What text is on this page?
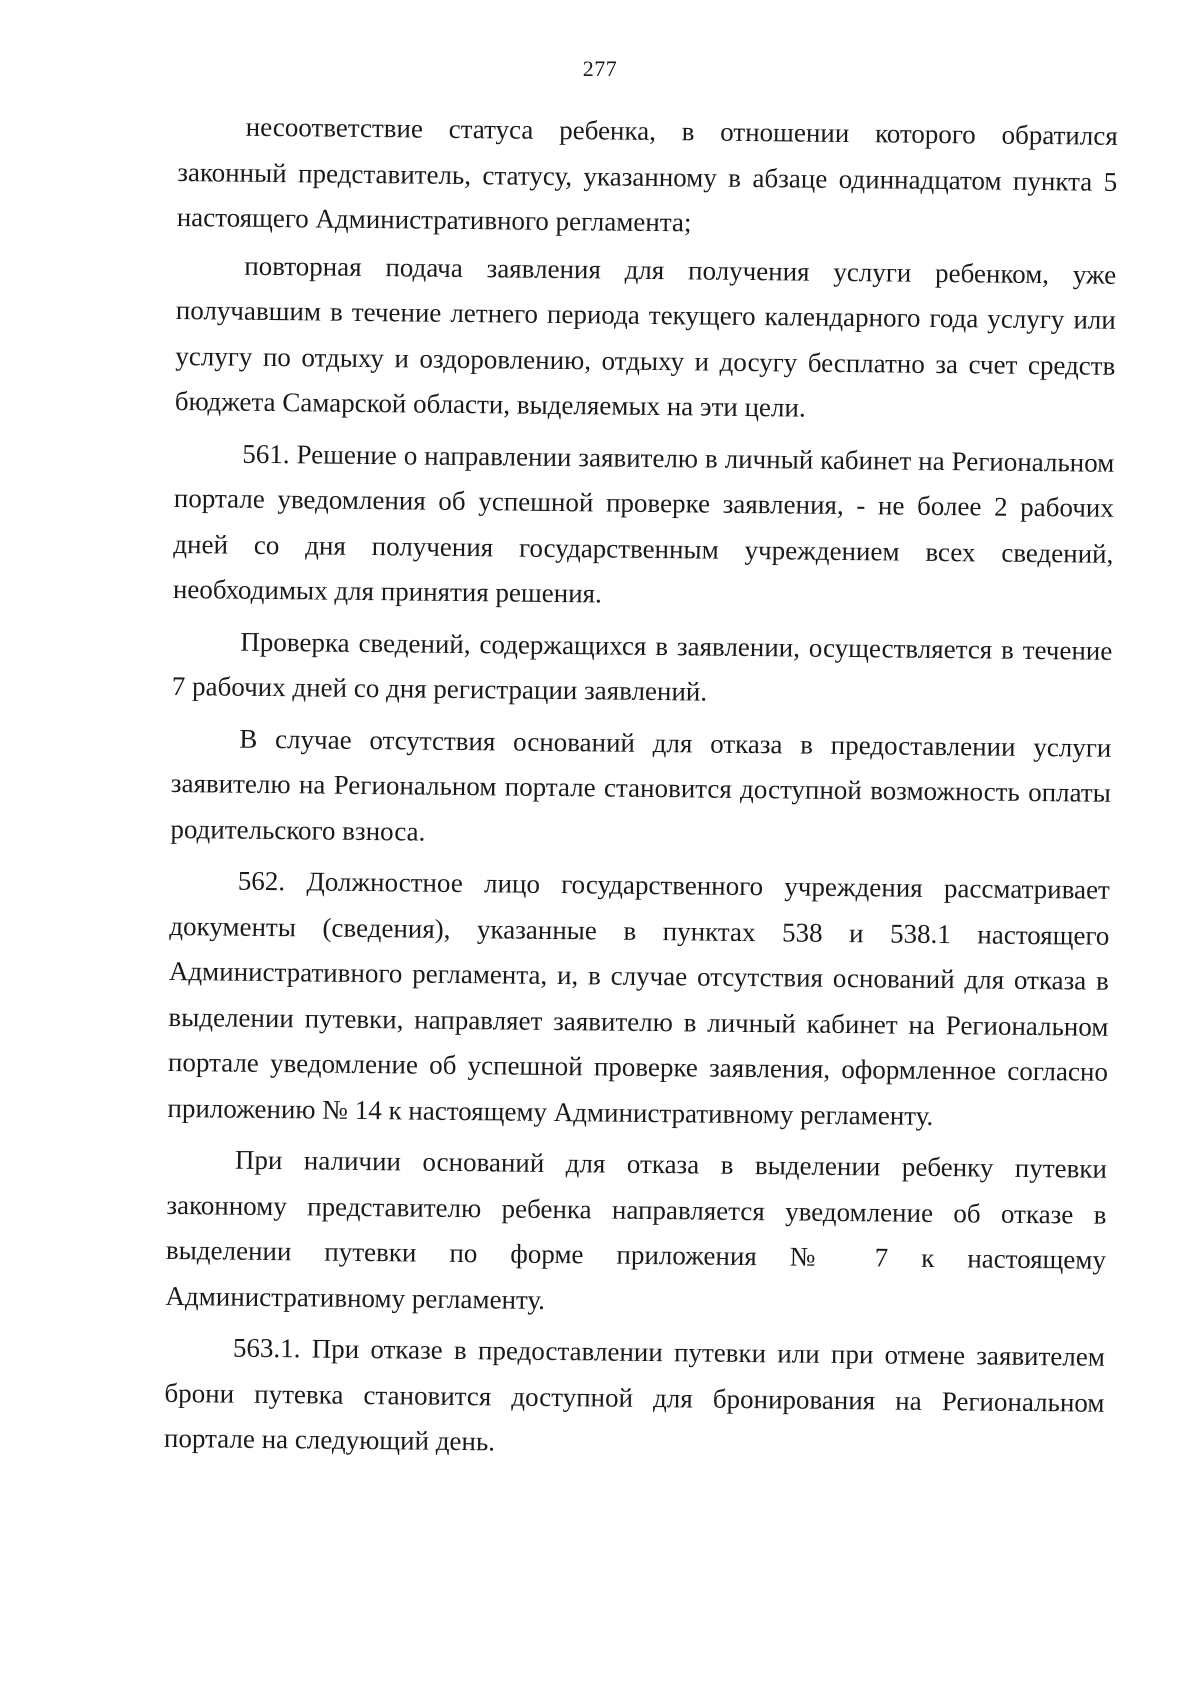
277

несоответствие статуса ребенка, в отношении которого обратился законный представитель, статусу, указанному в абзаце одиннадцатом пункта 5 настоящего Административного регламента;

повторная подача заявления для получения услуги ребенком, уже получавшим в течение летнего периода текущего календарного года услугу или услугу по отдыху и оздоровлению, отдыху и досугу бесплатно за счет средств бюджета Самарской области, выделяемых на эти цели.

561. Решение о направлении заявителю в личный кабинет на Региональном портале уведомления об успешной проверке заявления, - не более 2 рабочих дней со дня получения государственным учреждением всех сведений, необходимых для принятия решения.

Проверка сведений, содержащихся в заявлении, осуществляется в течение 7 рабочих дней со дня регистрации заявлений.

В случае отсутствия оснований для отказа в предоставлении услуги заявителю на Региональном портале становится доступной возможность оплаты родительского взноса.

562. Должностное лицо государственного учреждения рассматривает документы (сведения), указанные в пунктах 538 и 538.1 настоящего Административного регламента, и, в случае отсутствия оснований для отказа в выделении путевки, направляет заявителю в личный кабинет на Региональном портале уведомление об успешной проверке заявления, оформленное согласно приложению № 14 к настоящему Административному регламенту.

При наличии оснований для отказа в выделении ребенку путевки законному представителю ребенка направляется уведомление об отказе в выделении путевки по форме приложения № 7 к настоящему Административному регламенту.

563.1. При отказе в предоставлении путевки или при отмене заявителем брони путевка становится доступной для бронирования на Региональном портале на следующий день.
